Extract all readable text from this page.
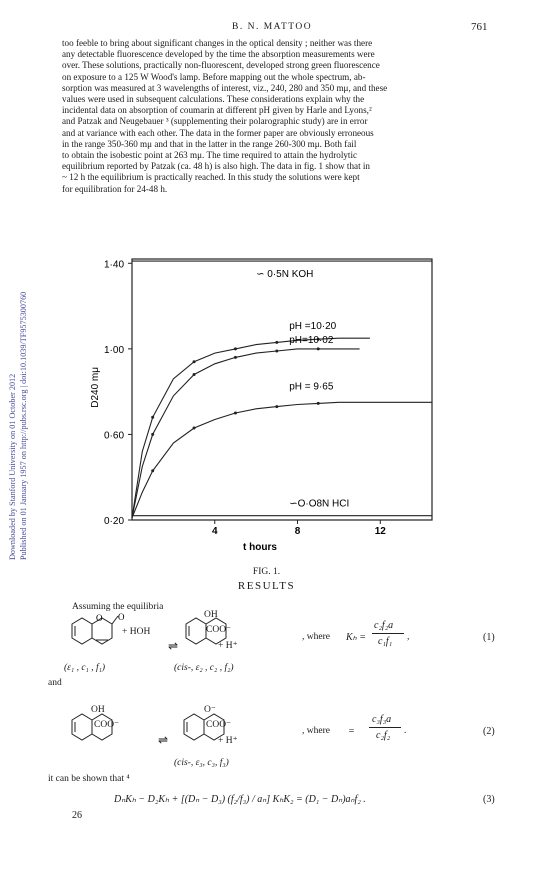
Downloaded by Stanford University on 01 October 2012 Published on 01 January 1957 on http://pubs.rsc.org | doi:10.1039/TF9575300760
B. N. MATTOO	761

too feeble to bring about significant changes in the optical density ; neither was there

any detectable fluorescence developed by the time the absorption measurements were

over. These solutions, practically non-fluorescent, developed strong green fluorescence

on exposure to a 125 W Wood's lamp. Before mapping out the whole spectrum, ab-

sorption was measured at 3 wavelengths of interest, viz., 240, 280 and 350 mμ, and these

values were used in subsequent calculations. These considerations explain why the

incidental data on absorption of coumarin at different pH given by Harle and Lyons,²

and Patzak and Neugebauer ³ (supplementing their polarographic study) are in error

and at variance with each other. The data in the former paper are obviously erroneous

in the range 350-360 mμ and that in the latter in the range 260-300 mμ. Both fail

to obtain the isobestic point at 263 mμ. The time required to attain the hydrolytic

equilibrium reported by Patzak (ca. 48 h) is also high. The data in fig. 1 show that in

~ 12 h the equilibrium is practically reached. In this study the solutions were kept

for equilibration for 24-48 h.

1·40
1·00
0·60
0·20
4	8	12
t hours
D240 mμ
∽ 0·5N KOH
pH =10·20
pH=10·02
pH = 9·65
∽O·O8N HCI
FIG. 1.
RESULTS
Assuming the equilibria
O O
+ HOH
⇌
OH
COO⁻
+ H⁺
, where Kₕ =
c₂f₂a
c₁f₁ ,	(1)
(ε₁ , c₁ , f₁)	(cis-, ε₂ , c₂ , f₂)
and
OH
COO⁻
⇌
O⁻
COO⁻
+ H⁺
, where =
c₃f₃a
c₂f₂ .	(2)
(cis-, ε₃, c₃, f₃)
it can be shown that ⁴
DₙKₕ − D₂Kₕ + [(Dₙ − D₃) (f₂/f₃) / aₙ] KₕK₂ = (D₁ − Dₙ)aₙf₂ .	(3)
26
